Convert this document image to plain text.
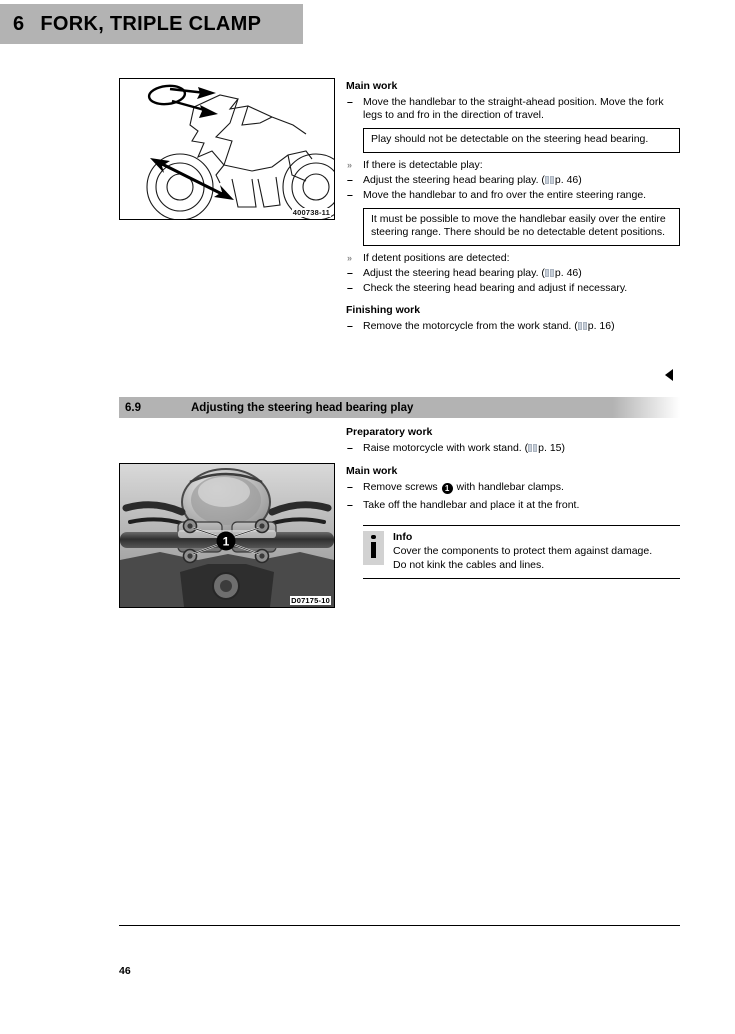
6 FORK, TRIPLE CLAMP
400738-11
Main work
–
Move the handlebar to the straight-ahead position. Move the fork legs to and fro in the direction of travel.
Play should not be detectable on the steering head bearing.
» If there is detectable play:
–
Adjust the steering head bearing play. ( p. 46)
–
Move the handlebar to and fro over the entire steering range.
It must be possible to move the handlebar easily over the entire steering range. There should be no detectable detent positions.
» If detent positions are detected:
–
Adjust the steering head bearing play. ( p. 46)
–
Check the steering head bearing and adjust if necessary.
Finishing work
–
Remove the motorcycle from the work stand. ( p. 16)
6.9	Adjusting the steering head bearing play
1
D07175-10
Preparatory work
–
Raise motorcycle with work stand. ( p. 15)
Main work
–
Remove screws 1 with handlebar clamps.
–
Take off the handlebar and place it at the front.
Info
Cover the components to protect them against damage.
Do not kink the cables and lines.
46
